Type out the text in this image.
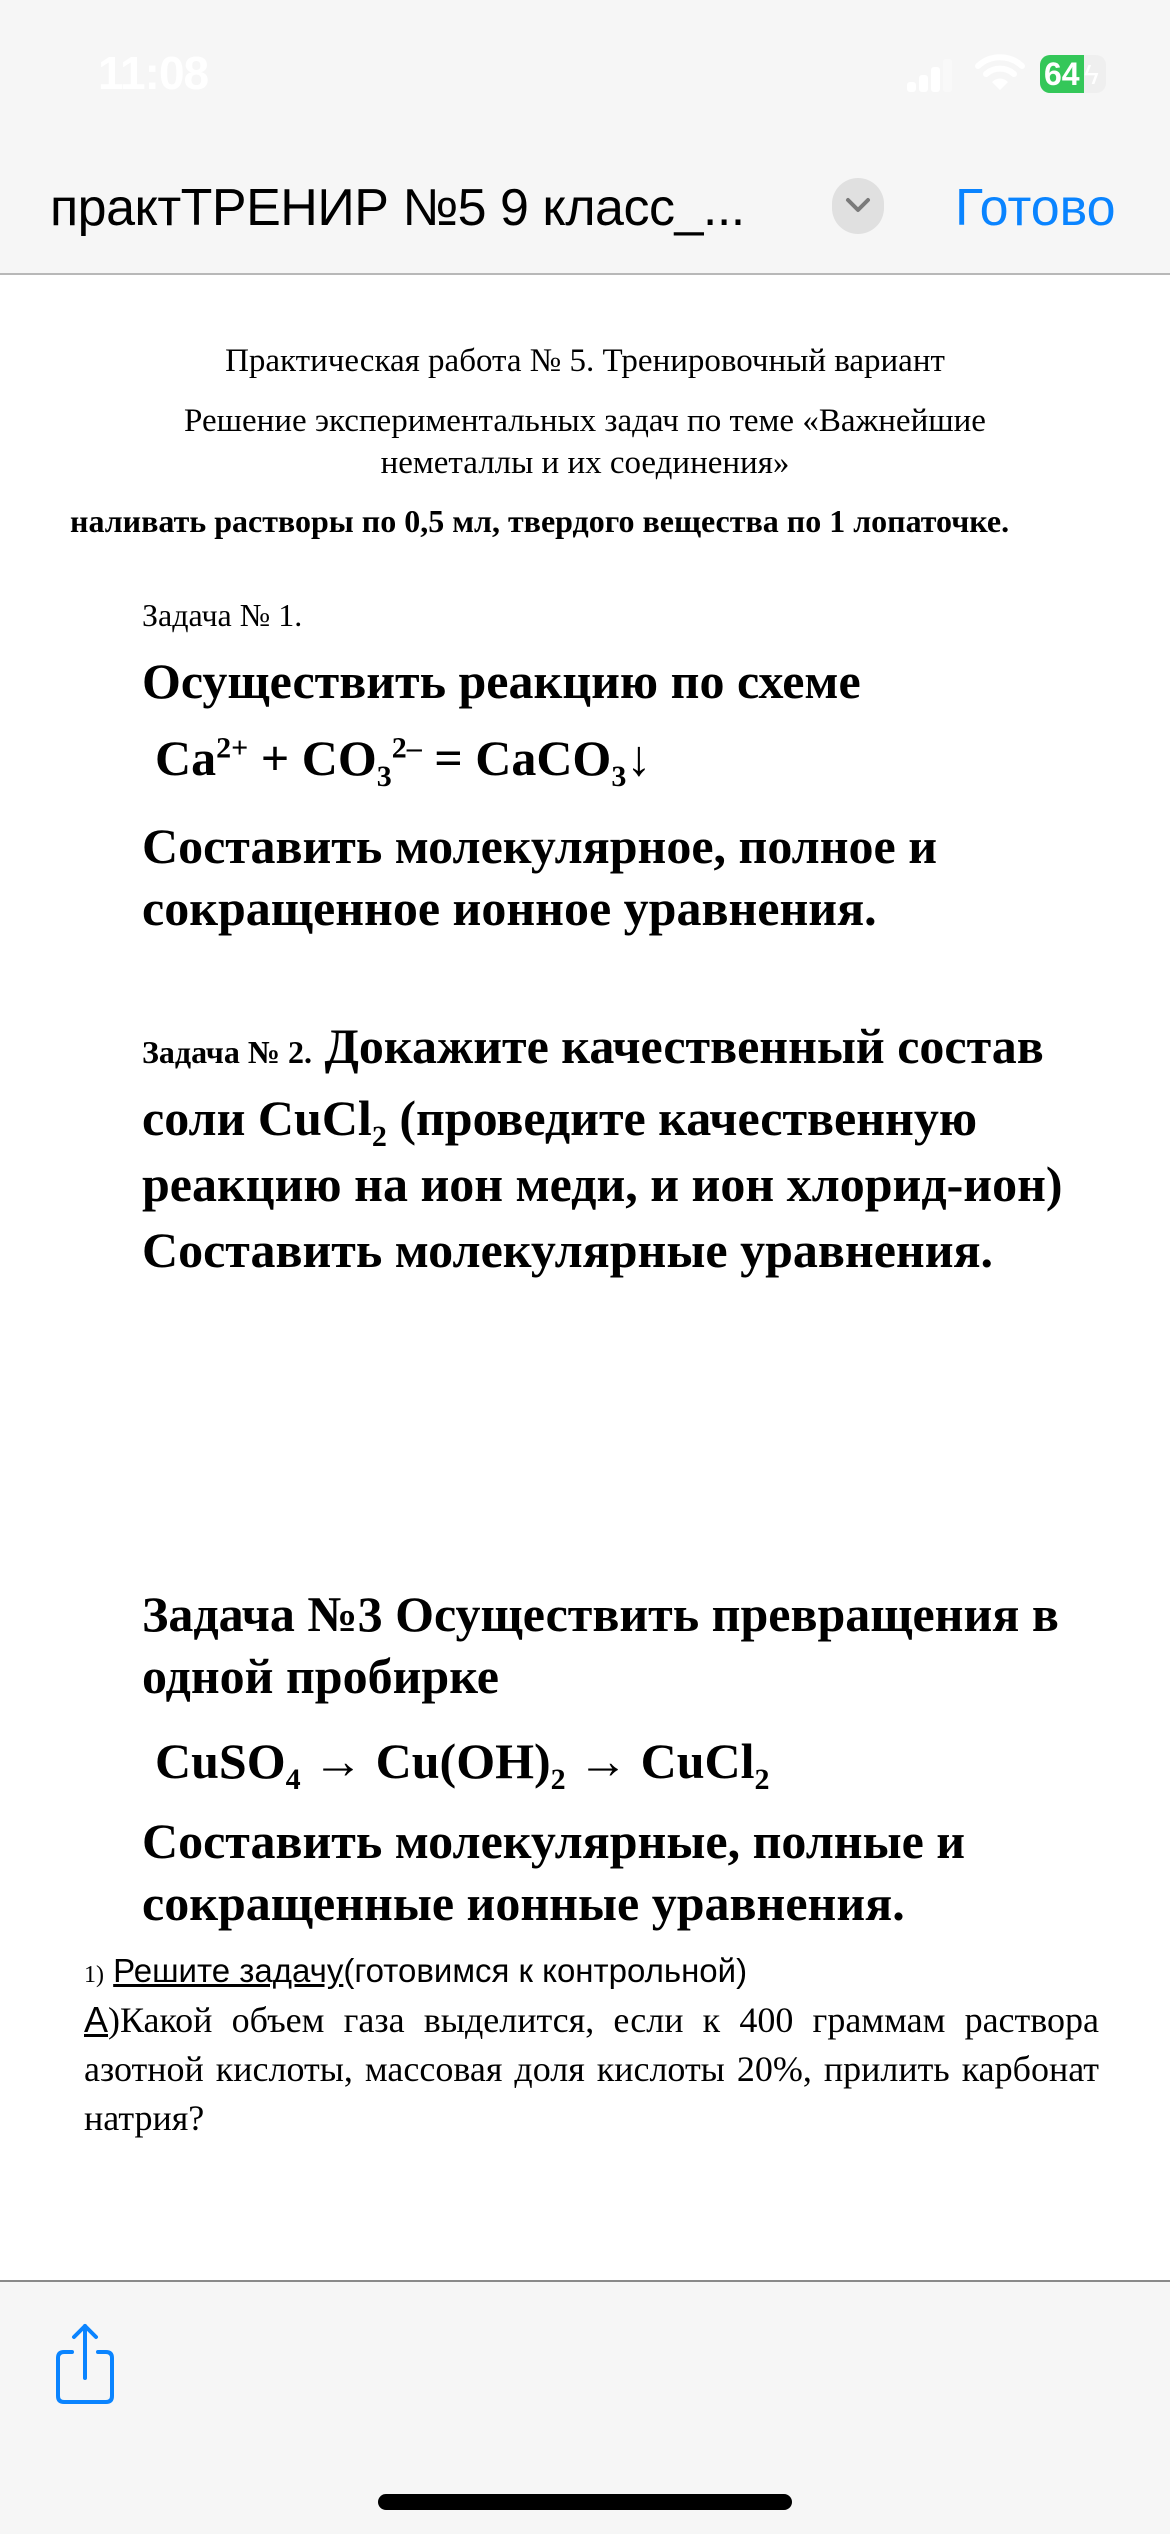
11:08	64 ϟ
практТРЕНИР №5 9 класс_...	Готово
Практическая работа № 5. Тренировочный вариант
Решение экспериментальных задач по теме «Важнейшие неметаллы и их соединения»
наливать растворы по 0,5 мл, твердого вещества по 1 лопаточке.
Задача № 1.
Осуществить реакцию по схеме
$Ca^{2+} + CO_3^{2-}$ = CaCO$_3$↓
Составить молекулярное, полное и сокращенное ионное уравнения.
Задача № 2. Докажите качественный состав соли CuCl$_2$ (проведите качественную реакцию на ион меди, и ион хлорид-ион) Составить молекулярные уравнения.
Задача №3 Осуществить превращения в одной пробирке
CuSO$_4$ → $Cu(OH)_2$ → CuCl$_2$
Составить молекулярные, полные и сокращенные ионные уравнения.
1) Решите задачу(готовимся к контрольной)
А)Какой объем газа выделится, если к 400 граммам раствора азотной кислоты, массовая доля кислоты 20%, прилить карбонат натрия?
